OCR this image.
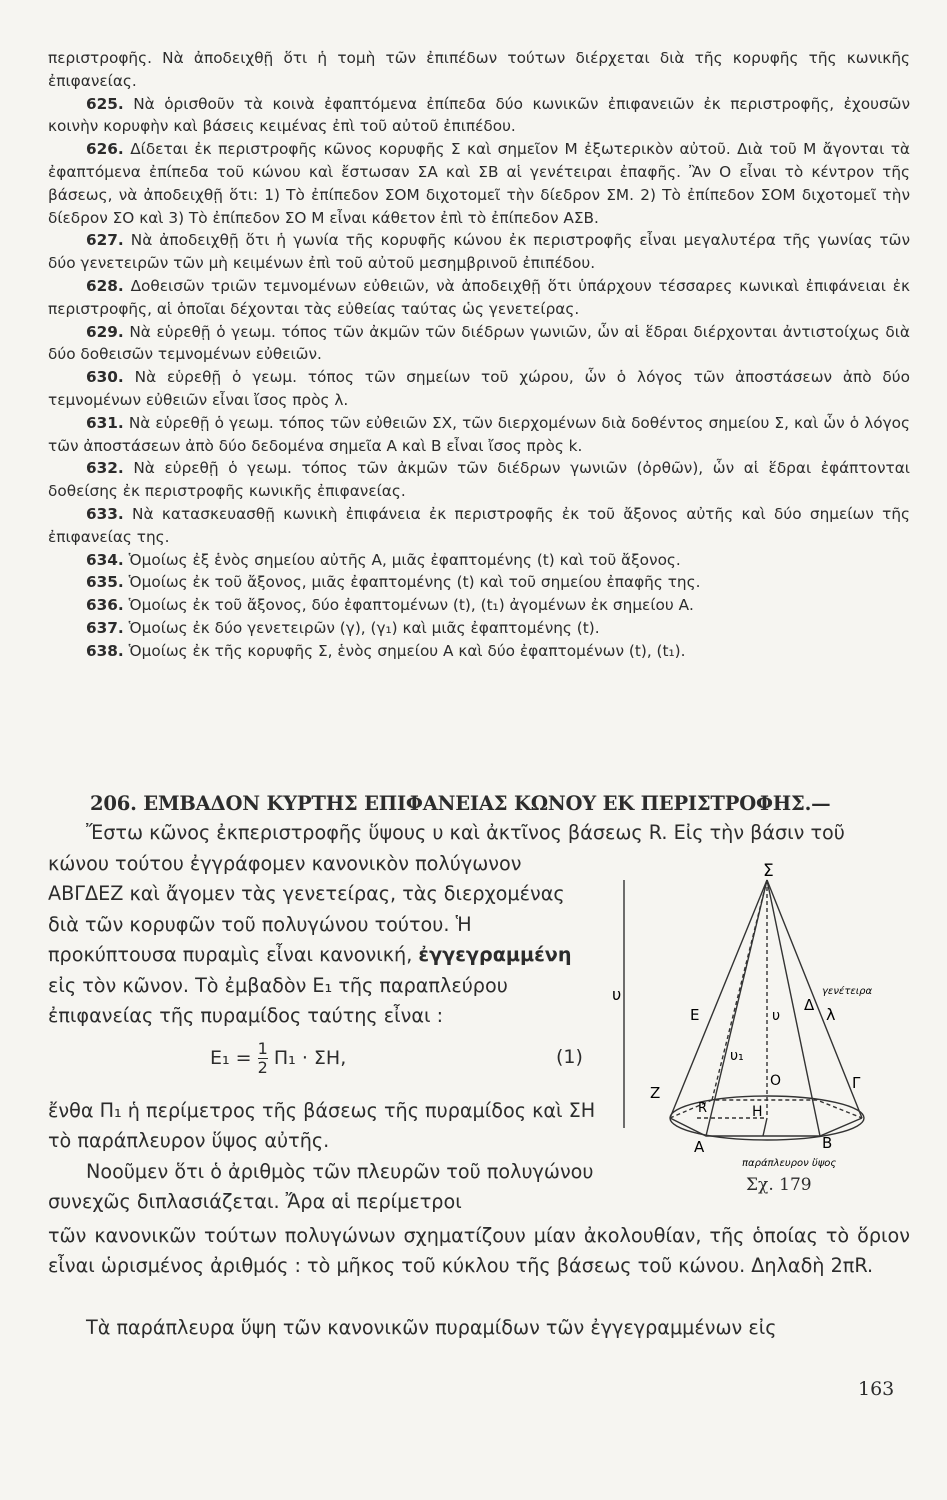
περιστροφῆς. Νὰ ἀποδειχθῇ ὅτι ἡ τομὴ τῶν ἐπιπέδων τούτων διέρχεται διὰ τῆς κορυφῆς τῆς κωνικῆς ἐπιφανείας.

625. Νὰ ὁρισθοῦν τὰ κοινὰ ἐφαπτόμενα ἐπίπεδα δύο κωνικῶν ἐπιφανειῶν ἐκ περιστροφῆς, ἐχουσῶν κοινὴν κορυφὴν καὶ βάσεις κειμένας ἐπὶ τοῦ αὐτοῦ ἐπιπέδου.

626. Δίδεται ἐκ περιστροφῆς κῶνος κορυφῆς Σ καὶ σημεῖον Μ ἐξωτερικὸν αὐτοῦ. Διὰ τοῦ Μ ἄγονται τὰ ἐφαπτόμενα ἐπίπεδα τοῦ κώνου καὶ ἔστωσαν ΣΑ καὶ ΣΒ αἱ γενέτειραι ἐπαφῆς. Ἂν Ο εἶναι τὸ κέντρον τῆς βάσεως, νὰ ἀποδειχθῇ ὅτι: 1) Τὸ ἐπίπεδον ΣΟΜ διχοτομεῖ τὴν δίεδρον ΣΜ. 2) Τὸ ἐπίπεδον ΣΟΜ διχοτομεῖ τὴν δίεδρον ΣΟ καὶ 3) Τὸ ἐπίπεδον ΣΟ Μ εἶναι κάθετον ἐπὶ τὸ ἐπίπεδον ΑΣΒ.

627. Νὰ ἀποδειχθῇ ὅτι ἡ γωνία τῆς κορυφῆς κώνου ἐκ περιστροφῆς εἶναι μεγαλυτέρα τῆς γωνίας τῶν δύο γενετειρῶν τῶν μὴ κειμένων ἐπὶ τοῦ αὐτοῦ μεσημβρινοῦ ἐπιπέδου.

628. Δοθεισῶν τριῶν τεμνομένων εὐθειῶν, νὰ ἀποδειχθῇ ὅτι ὑπάρχουν τέσσαρες κωνικαὶ ἐπιφάνειαι ἐκ περιστροφῆς, αἱ ὁποῖαι δέχονται τὰς εὐθείας ταύτας ὡς γενετείρας.

629. Νὰ εὑρεθῇ ὁ γεωμ. τόπος τῶν ἀκμῶν τῶν διέδρων γωνιῶν, ὧν αἱ ἕδραι διέρχονται ἀντιστοίχως διὰ δύο δοθεισῶν τεμνομένων εὐθειῶν.

630. Νὰ εὑρεθῇ ὁ γεωμ. τόπος τῶν σημείων τοῦ χώρου, ὧν ὁ λόγος τῶν ἀποστάσεων ἀπὸ δύο τεμνομένων εὐθειῶν εἶναι ἴσος πρὸς λ.

631. Νὰ εὑρεθῇ ὁ γεωμ. τόπος τῶν εὐθειῶν ΣΧ, τῶν διερχομένων διὰ δοθέντος σημείου Σ, καὶ ὧν ὁ λόγος τῶν ἀποστάσεων ἀπὸ δύο δεδομένα σημεῖα Α καὶ Β εἶναι ἴσος πρὸς k.

632. Νὰ εὑρεθῇ ὁ γεωμ. τόπος τῶν ἀκμῶν τῶν διέδρων γωνιῶν (ὀρθῶν), ὧν αἱ ἕδραι ἐφάπτονται δοθείσης ἐκ περιστροφῆς κωνικῆς ἐπιφανείας.

633. Νὰ κατασκευασθῇ κωνικὴ ἐπιφάνεια ἐκ περιστροφῆς ἐκ τοῦ ἄξονος αὐτῆς καὶ δύο σημείων τῆς ἐπιφανείας της.

634. Ὁμοίως ἐξ ἑνὸς σημείου αὐτῆς Α, μιᾶς ἐφαπτομένης (t) καὶ τοῦ ἄξονος.

635. Ὁμοίως ἐκ τοῦ ἄξονος, μιᾶς ἐφαπτομένης (t) καὶ τοῦ σημείου ἐπαφῆς της.

636. Ὁμοίως ἐκ τοῦ ἄξονος, δύο ἐφαπτομένων (t), (t₁) ἀγομένων ἐκ σημείου Α.

637. Ὁμοίως ἐκ δύο γενετειρῶν (γ), (γ₁) καὶ μιᾶς ἐφαπτομένης (t).

638. Ὁμοίως ἐκ τῆς κορυφῆς Σ, ἑνὸς σημείου Α καὶ δύο ἐφαπτομένων (t), (t₁).

206. ΕΜΒΑΔΟΝ ΚΥΡΤΗΣ ΕΠΙΦΑΝΕΙΑΣ ΚΩΝΟΥ ΕΚ ΠΕΡΙΣΤΡΟΦΗΣ.—

Ἔστω κῶνος ἐκπεριστροφῆς ὕψους υ καὶ ἀκτῖνος βάσεως R. Εἰς τὴν βάσιν τοῦ

κώνου τούτου ἐγγράφομεν κανονικὸν πολύγωνον ΑΒΓΔΕΖ καὶ ἄγομεν τὰς γενετείρας, τὰς διερχομένας διὰ τῶν κορυφῶν τοῦ πολυγώνου τούτου. Ἡ προκύπτουσα πυραμὶς εἶναι κανονική, ἐγγεγραμμένη εἰς τὸν κῶνον. Τὸ ἐμβαδὸν E₁ τῆς παραπλεύρου ἐπιφανείας τῆς πυραμίδος ταύτης εἶναι :

$E_1 = \frac{1}{2} \Pi_1 \cdot \Sigma H$,	(1)
ἔνθα Π₁ ἡ περίμετρος τῆς βάσεως τῆς πυραμίδος καὶ ΣΗ τὸ παράπλευρον ὕψος αὐτῆς.
Νοοῦμεν ὅτι ὁ ἀριθμὸς τῶν πλευρῶν τοῦ πολυγώνου συνεχῶς διπλασιάζεται. Ἄρα αἱ περίμετροι

τῶν κανονικῶν τούτων πολυγώνων σχηματίζουν μίαν ἀκολουθίαν, τῆς ὁποίας τὸ ὅριον εἶναι ὡρισμένος ἀριθμός : τὸ μῆκος τοῦ κύκλου τῆς βάσεως τοῦ κώνου. Δηλαδὴ 2πR.

Τὰ παράπλευρα ὕψη τῶν κανονικῶν πυραμίδων τῶν ἐγγεγραμμένων εἰς

Σ
υ
υ
υ₁
R
O
H
E
Δ λ
Z
Γ
A	B
γενέτειρα
παράπλευρον ὕψος
Σχ. 179
163
